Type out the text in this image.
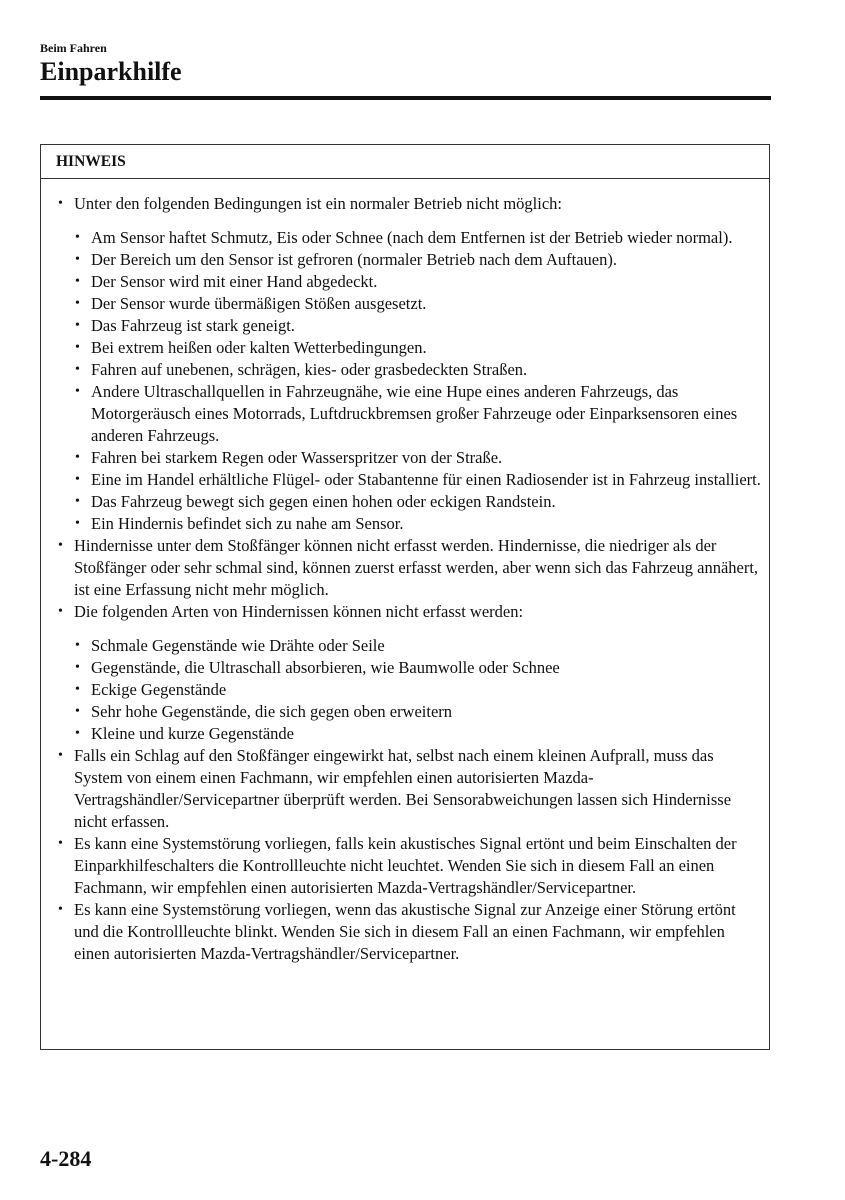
Beim Fahren
Einparkhilfe
HINWEIS
• Unter den folgenden Bedingungen ist ein normaler Betrieb nicht möglich:
• Am Sensor haftet Schmutz, Eis oder Schnee (nach dem Entfernen ist der Betrieb wieder normal).
• Der Bereich um den Sensor ist gefroren (normaler Betrieb nach dem Auftauen).
• Der Sensor wird mit einer Hand abgedeckt.
• Der Sensor wurde übermäßigen Stößen ausgesetzt.
• Das Fahrzeug ist stark geneigt.
• Bei extrem heißen oder kalten Wetterbedingungen.
• Fahren auf unebenen, schrägen, kies- oder grasbedeckten Straßen.
• Andere Ultraschallquellen in Fahrzeugnähe, wie eine Hupe eines anderen Fahrzeugs, das Motorgeräusch eines Motorrads, Luftdruckbremsen großer Fahrzeuge oder Einparksensoren eines anderen Fahrzeugs.
• Fahren bei starkem Regen oder Wasserspritzer von der Straße.
• Eine im Handel erhältliche Flügel- oder Stabantenne für einen Radiosender ist in Fahrzeug installiert.
• Das Fahrzeug bewegt sich gegen einen hohen oder eckigen Randstein.
• Ein Hindernis befindet sich zu nahe am Sensor.
• Hindernisse unter dem Stoßfänger können nicht erfasst werden. Hindernisse, die niedriger als der Stoßfänger oder sehr schmal sind, können zuerst erfasst werden, aber wenn sich das Fahrzeug annähert, ist eine Erfassung nicht mehr möglich.
• Die folgenden Arten von Hindernissen können nicht erfasst werden:
• Schmale Gegenstände wie Drähte oder Seile
• Gegenstände, die Ultraschall absorbieren, wie Baumwolle oder Schnee
• Eckige Gegenstände
• Sehr hohe Gegenstände, die sich gegen oben erweitern
• Kleine und kurze Gegenstände
• Falls ein Schlag auf den Stoßfänger eingewirkt hat, selbst nach einem kleinen Aufprall, muss das System von einem einen Fachmann, wir empfehlen einen autorisierten Mazda-Vertragshändler/Servicepartner überprüft werden. Bei Sensorabweichungen lassen sich Hindernisse nicht erfassen.
• Es kann eine Systemstörung vorliegen, falls kein akustisches Signal ertönt und beim Einschalten der Einparkhilfeschalters die Kontrollleuchte nicht leuchtet. Wenden Sie sich in diesem Fall an einen Fachmann, wir empfehlen einen autorisierten Mazda-Vertragshändler/Servicepartner.
• Es kann eine Systemstörung vorliegen, wenn das akustische Signal zur Anzeige einer Störung ertönt und die Kontrollleuchte blinkt. Wenden Sie sich in diesem Fall an einen Fachmann, wir empfehlen einen autorisierten Mazda-Vertragshändler/Servicepartner.
4-284
